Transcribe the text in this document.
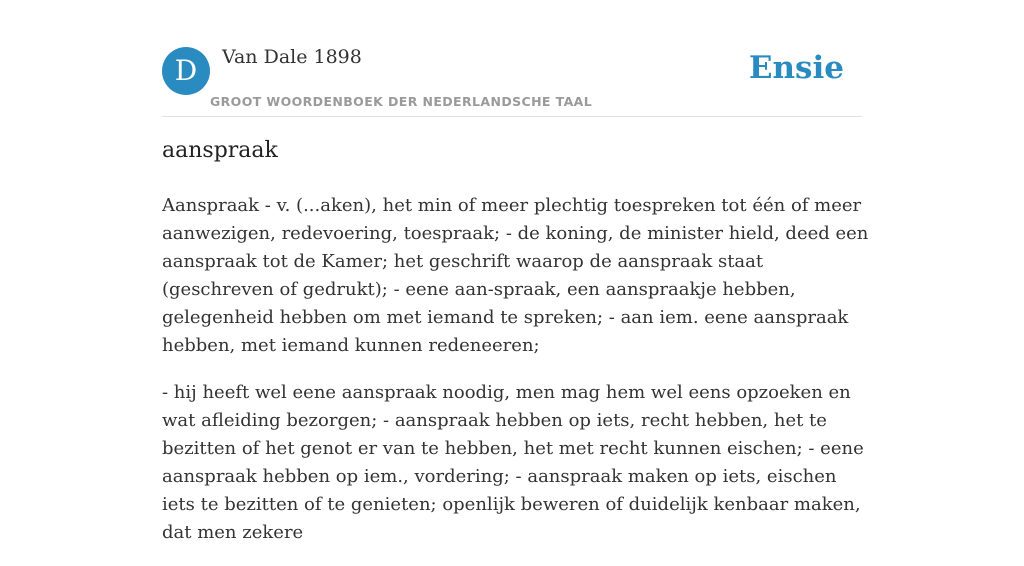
D	Van Dale 1898
GROOT WOORDENBOEK DER NEDERLANDSCHE TAAL
Ensie
aanspraak

Aanspraak - v. (...aken), het min of meer plechtig toespreken tot één of meer aanwezigen, redevoering, toespraak; - de koning, de minister hield, deed een aanspraak tot de Kamer; het geschrift waarop de aanspraak staat (geschreven of gedrukt); - eene aan-spraak, een aanspraakje hebben, gelegenheid hebben om met iemand te spreken; - aan iem. eene aanspraak hebben, met iemand kunnen redeneeren;

- hij heeft wel eene aanspraak noodig, men mag hem wel eens opzoeken en wat afleiding bezorgen; - aanspraak hebben op iets, recht hebben, het te bezitten of het genot er van te hebben, het met recht kunnen eischen; - eene aanspraak hebben op iem., vordering; - aanspraak maken op iets, eischen iets te bezitten of te genieten; openlijk beweren of duidelijk kenbaar maken, dat men zekere
